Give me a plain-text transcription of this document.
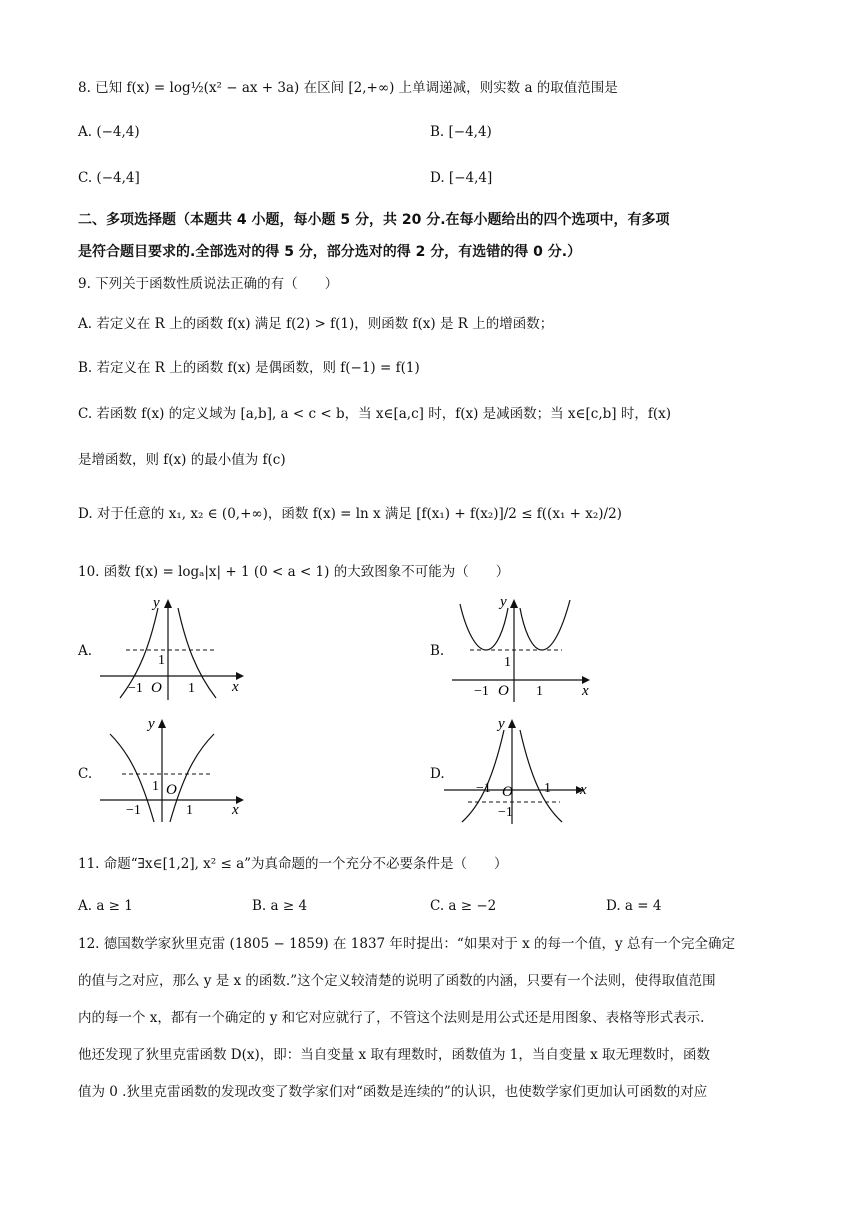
8. 已知 f(x) = log½(x² − ax + 3a) 在区间 [2,+∞) 上单调递减，则实数 a 的取值范围是
A. (−4,4)	B. [−4,4)
C. (−4,4]	D. [−4,4]
二、多项选择题（本题共 4 小题，每小题 5 分，共 20 分.在每小题给出的四个选项中，有多项
是符合题目要求的.全部选对的得 5 分，部分选对的得 2 分，有选错的得 0 分.）
9. 下列关于函数性质说法正确的有（　　）
A. 若定义在 R 上的函数 f(x) 满足 f(2) > f(1)，则函数 f(x) 是 R 上的增函数；
B. 若定义在 R 上的函数 f(x) 是偶函数，则 f(−1) = f(1)
C. 若函数 f(x) 的定义域为 [a,b], a < c < b，当 x∈[a,c] 时，f(x) 是减函数；当 x∈[c,b] 时，f(x)
是增函数，则 f(x) 的最小值为 f(c)
D. 对于任意的 x₁, x₂ ∈ (0,+∞)，函数 f(x) = ln x 满足 [f(x₁) + f(x₂)]/2 ≤ f((x₁ + x₂)/2)
10. 函数 f(x) = logₐ|x| + 1 (0 < a < 1) 的大致图象不可能为（　　）
A.	B.
C.	D.
y
x
1
−1 O 1
y
x
1
−1 O 1
y
x
1
−1
O
1
y
x
−1 O 1
−1
11. 命题“∃x∈[1,2], x² ≤ a”为真命题的一个充分不必要条件是（　　）
A. a ≥ 1	B. a ≥ 4	C. a ≥ −2	D. a = 4
12. 德国数学家狄里克雷 (1805 − 1859) 在 1837 年时提出：“如果对于 x 的每一个值，y 总有一个完全确定
的值与之对应，那么 y 是 x 的函数.”这个定义较清楚的说明了函数的内涵，只要有一个法则，使得取值范围
内的每一个 x，都有一个确定的 y 和它对应就行了，不管这个法则是用公式还是用图象、表格等形式表示.
他还发现了狄里克雷函数 D(x)，即：当自变量 x 取有理数时，函数值为 1，当自变量 x 取无理数时，函数
值为 0 .狄里克雷函数的发现改变了数学家们对“函数是连续的”的认识，也使数学家们更加认可函数的对应
